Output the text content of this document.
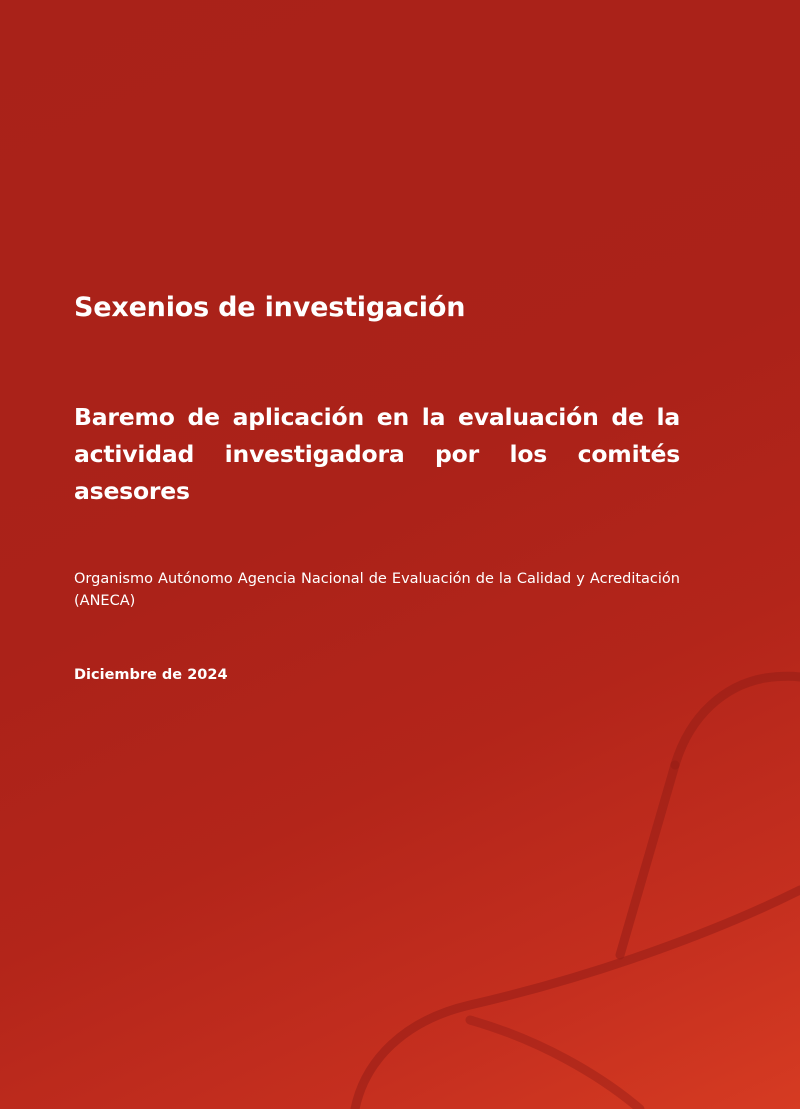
Sexenios de investigación
Baremo de aplicación en la evaluación de la actividad investigadora por los comités asesores

Organismo Autónomo Agencia Nacional de Evaluación de la Calidad y Acreditación (ANECA)

Diciembre de 2024
